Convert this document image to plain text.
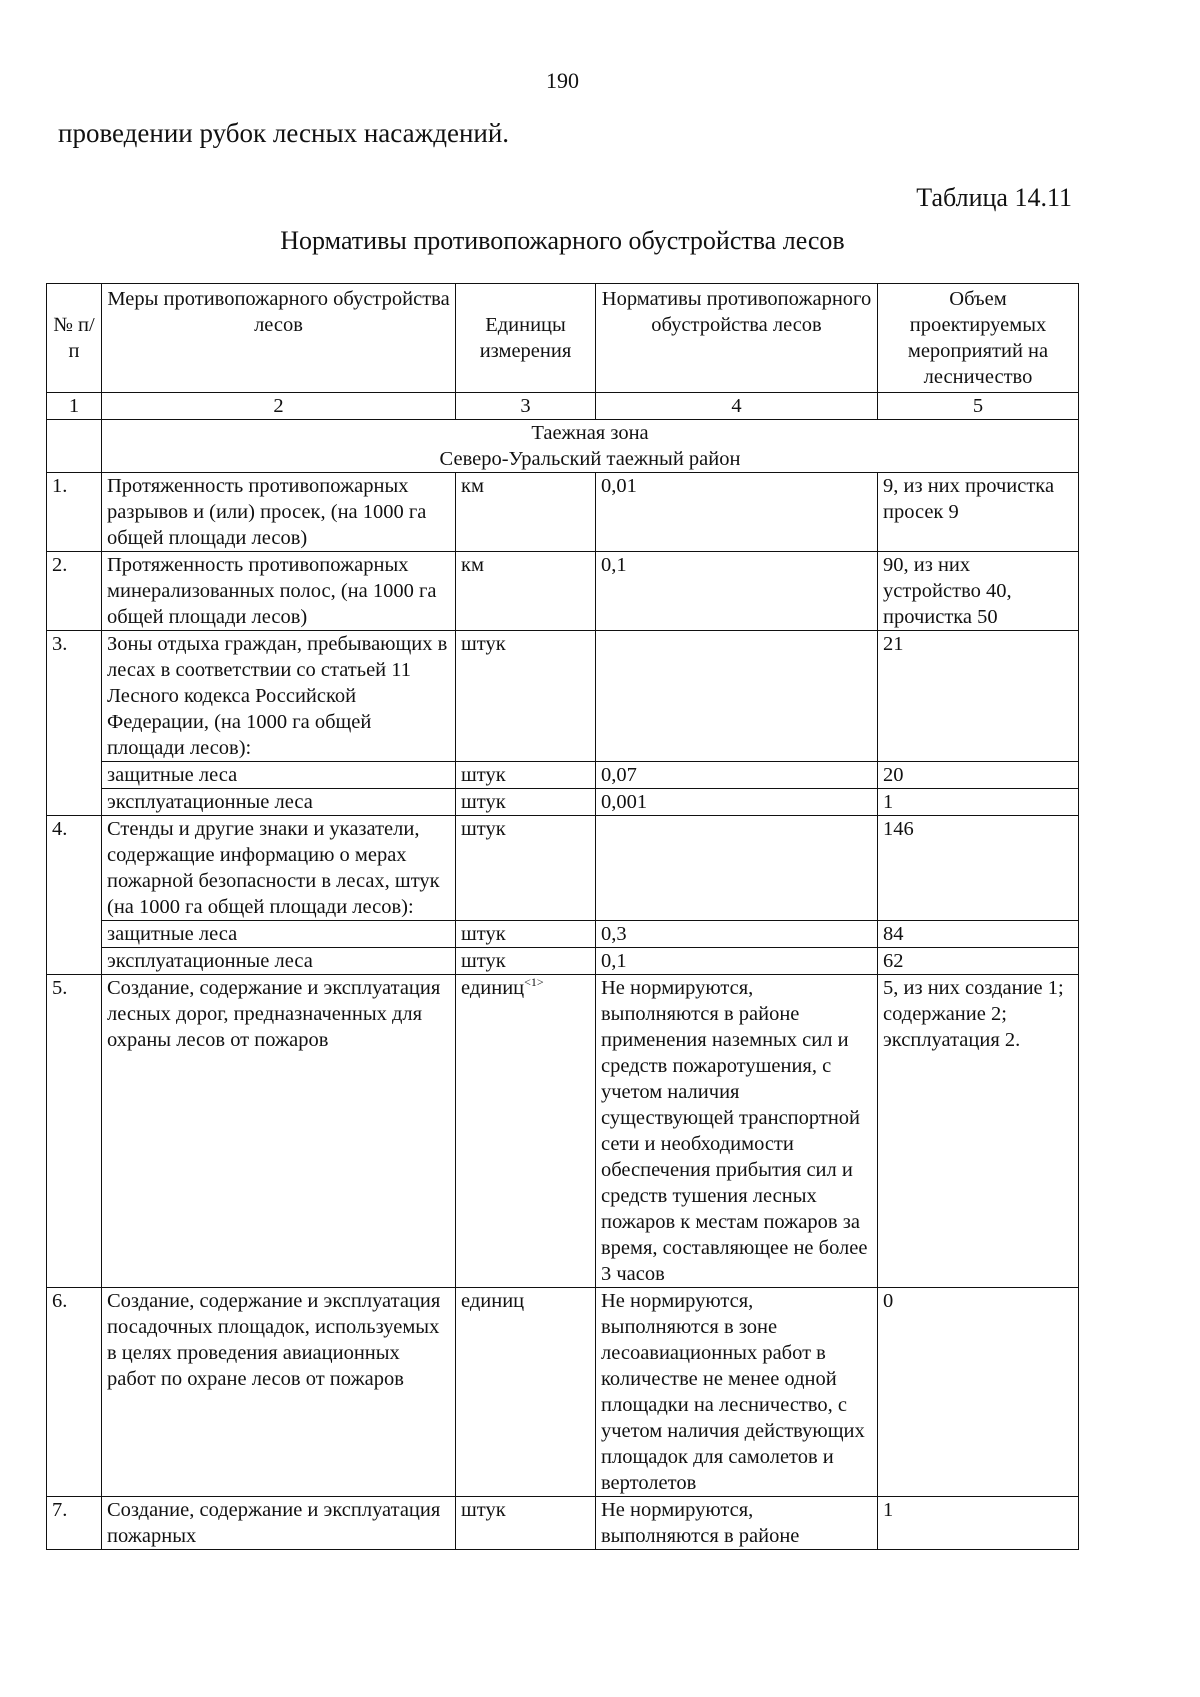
190
проведении рубок лесных насаждений.
Таблица 14.11
Нормативы противопожарного обустройства лесов
№ п/п	Меры противопожарного обустройства лесов	Единицы измерения	Нормативы противопожарного обустройства лесов	Объем проектируемых мероприятий на лесничество
1	2	3	4	5

	Таежная зона
Северо-Уральский таежный район			

1.	Протяженность противопожарных разрывов и (или) просек, (на 1000 га общей площади лесов)	км	0,01	9, из них прочистка просек 9
2.	Протяженность противопожарных минерализованных полос, (на 1000 га общей площади лесов)	км	0,1	90, из них устройство 40, прочистка 50
3.	Зоны отдыха граждан, пребывающих в лесах в соответствии со статьей 11 Лесного кодекса Российской Федерации, (на 1000 га общей площади лесов):	штук		21
	защитные леса	штук	0,07	20
	эксплуатационные леса	штук	0,001	1
4.	Стенды и другие знаки и указатели, содержащие информацию о мерах пожарной безопасности в лесах, штук (на 1000 га общей площади лесов):	штук		146
	защитные леса	штук	0,3	84
	эксплуатационные леса	штук	0,1	62
5.	Создание, содержание и эксплуатация лесных дорог, предназначенных для охраны лесов от пожаров	единиц$^{<1>}$	Не нормируются, выполняются в районе применения наземных сил и средств пожаротушения, с учетом наличия существующей транспортной сети и необходимости обеспечения прибытия сил и средств тушения лесных пожаров к местам пожаров за время, составляющее не более 3 часов	5, из них создание 1; содержание 2; эксплуатация 2.
6.	Создание, содержание и эксплуатация посадочных площадок, используемых в целях проведения авиационных работ по охране лесов от пожаров	единиц	Не нормируются, выполняются в зоне лесоавиационных работ в количестве не менее одной площадки на лесничество, с учетом наличия действующих площадок для самолетов и вертолетов	0
7.	Создание, содержание и эксплуатация пожарных	штук	Не нормируются, выполняются в районе	1
